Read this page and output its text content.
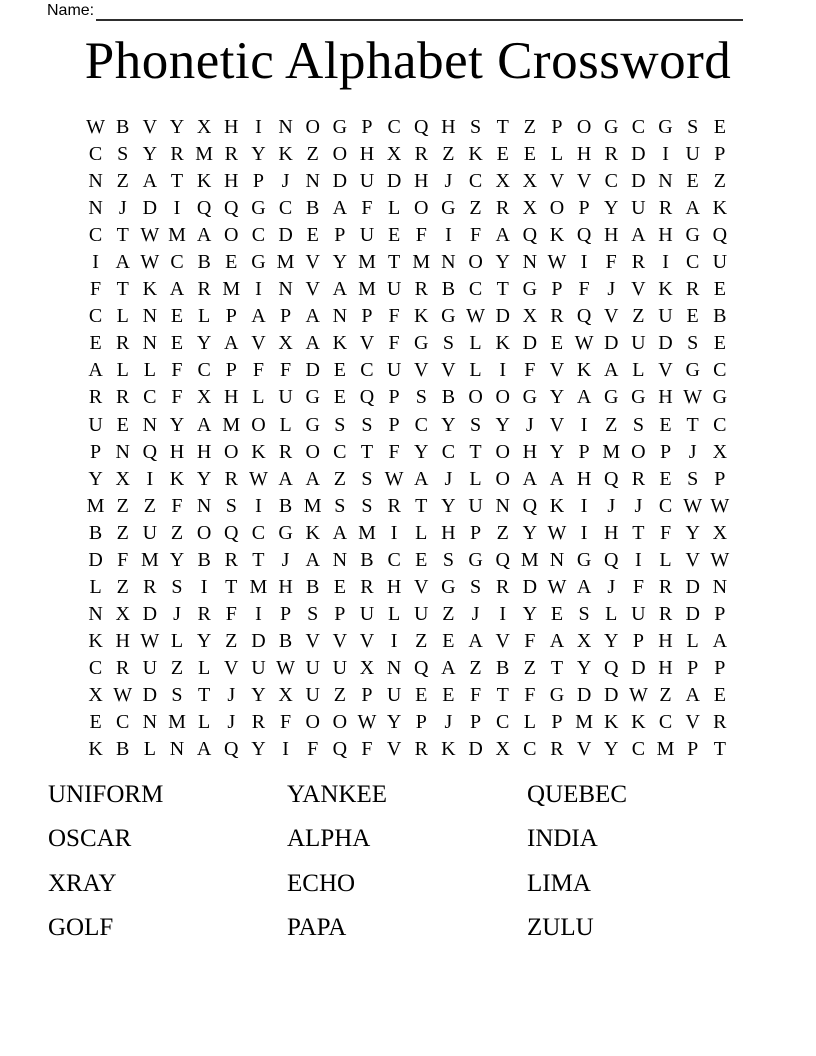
Name:
Phonetic Alphabet Crossword
W B V Y X H I N O G P C Q H S T Z P O G C G S E
C S Y R M R Y K Z O H X R Z K E E L H R D I U P
N Z A T K H P J N D U D H J C X X V V C D N E Z
N J D I Q Q G C B A F L O G Z R X O P Y U R A K
C T W M A O C D E P U E F I F A Q K Q H A H G Q
I A W C B E G M V Y M T M N O Y N W I F R I C U
F T K A R M I N V A M U R B C T G P F J V K R E
C L N E L P A P A N P F K G W D X R Q V Z U E B
E R N E Y A V X A K V F G S L K D E W D U D S E
A L L F C P F F D E C U V V L I F V K A L V G C
R R C F X H L U G E Q P S B O O G Y A G G H W G
U E N Y A M O L G S S P C Y S Y J V I Z S E T C
P N Q H H O K R O C T F Y C T O H Y P M O P J X
Y X I K Y R W A A Z S W A J L O A A H Q R E S P
M Z Z F N S I B M S S R T Y U N Q K I J J C W W
B Z U Z O Q C G K A M I L H P Z Y W I H T F Y X
D F M Y B R T J A N B C E S G Q M N G Q I L V W
L Z R S I T M H B E R H V G S R D W A J F R D N
N X D J R F I P S P U L U Z J I Y E S L U R D P
K H W L Y Z D B V V V I Z E A V F A X Y P H L A
C R U Z L V U W U U X N Q A Z B Z T Y Q D H P P
X W D S T J Y X U Z P U E E F T F G D D W Z A E
E C N M L J R F O O W Y P J P C L P M K K C V R
K B L N A Q Y I F Q F V R K D X C R V Y C M P T
UNIFORM
OSCAR
XRAY
GOLF
YANKEE
ALPHA
ECHO
PAPA
QUEBEC
INDIA
LIMA
ZULU
